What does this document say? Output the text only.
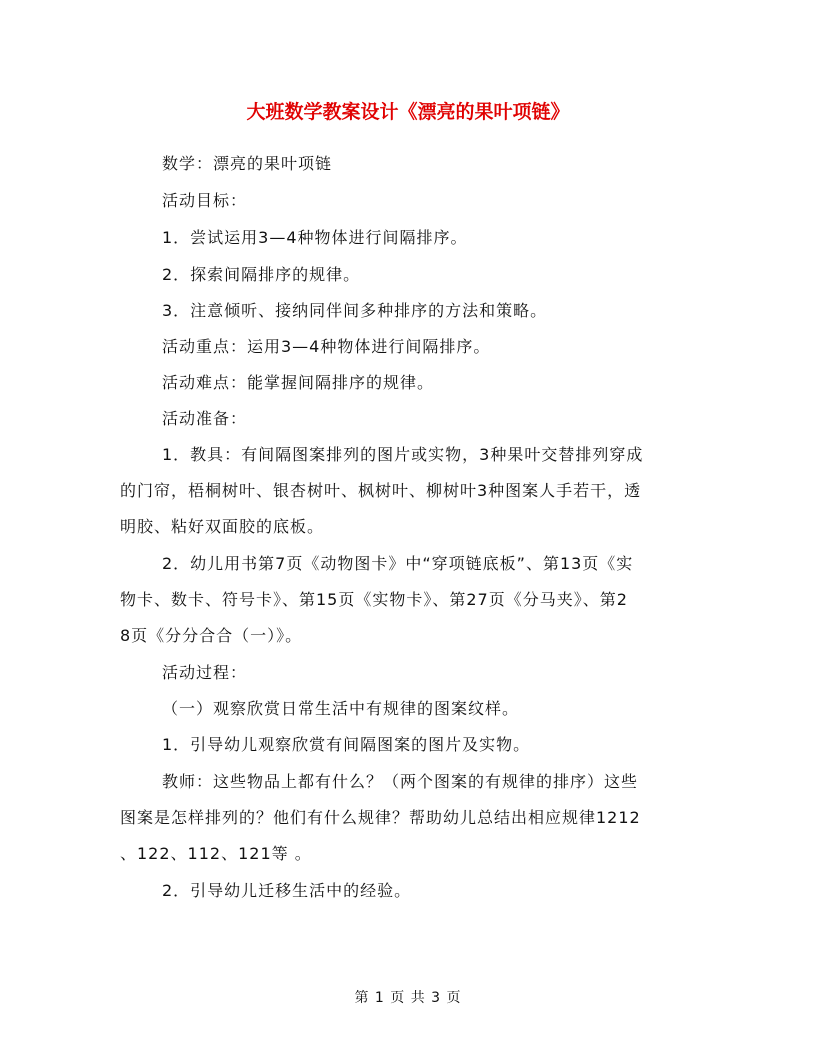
大班数学教案设计《漂亮的果叶项链》
数学：漂亮的果叶项链
活动目标：
1．尝试运用3—4种物体进行间隔排序。
2．探索间隔排序的规律。
3．注意倾听、接纳同伴间多种排序的方法和策略。
活动重点：运用3—4种物体进行间隔排序。
活动难点：能掌握间隔排序的规律。
活动准备：
1．教具：有间隔图案排列的图片或实物，3种果叶交替排列穿成
的门帘，梧桐树叶、银杏树叶、枫树叶、柳树叶3种图案人手若干，透
明胶、粘好双面胶的底板。
2．幼儿用书第7页《动物图卡》中“穿项链底板”、第13页《实
物卡、数卡、符号卡》、第15页《实物卡》、第27页《分马夹》、第2
8页《分分合合（一）》。
活动过程：
（一）观察欣赏日常生活中有规律的图案纹样。
1．引导幼儿观察欣赏有间隔图案的图片及实物。
教师：这些物品上都有什么？（两个图案的有规律的排序）这些
图案是怎样排列的？他们有什么规律？帮助幼儿总结出相应规律1212
、122、112、121等 。
2．引导幼儿迁移生活中的经验。
第 1 页 共 3 页
